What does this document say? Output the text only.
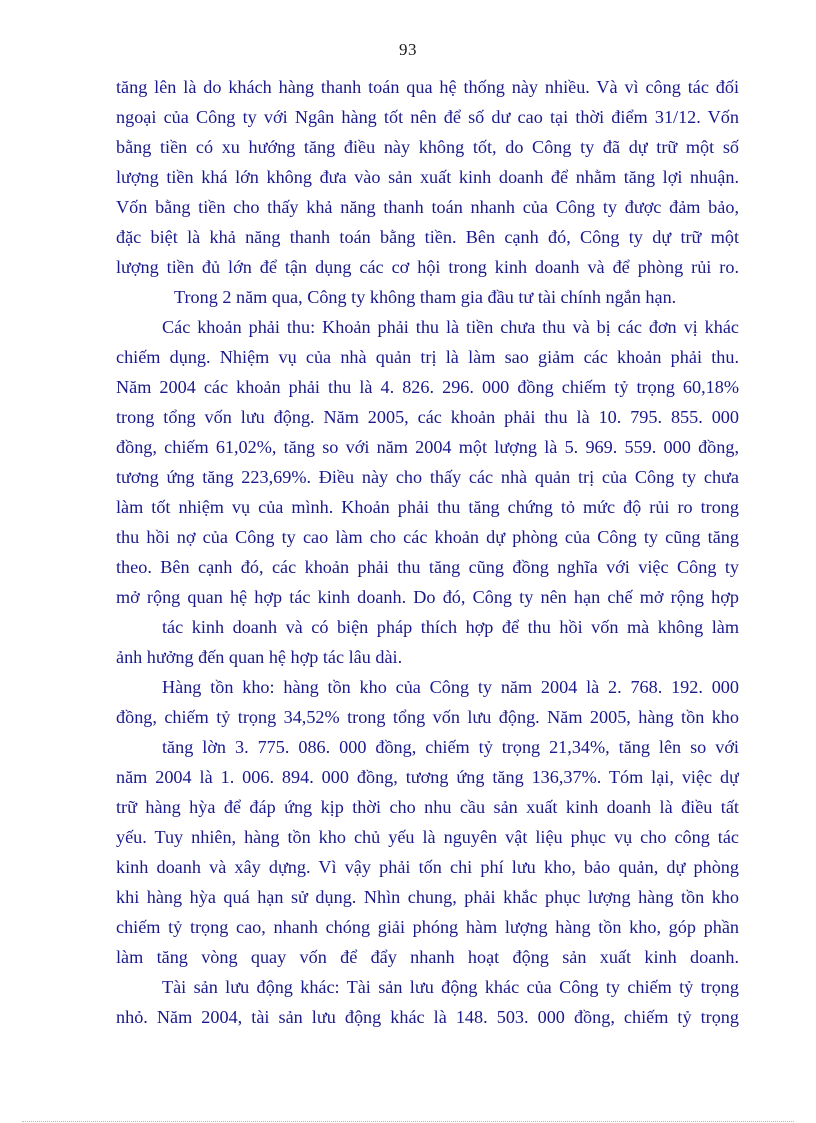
93
tăng lên là do khách hàng thanh toán qua hệ thống này nhiều. Và vì công tác đối
ngoại của Công ty với Ngân hàng tốt nên để số dư cao tại thời điểm 31/12. Vốn
bằng tiền có xu hướng tăng điều này không tốt, do Công ty đã dự trữ một số
lượng tiền khá lớn không đưa vào sản xuất kinh doanh để nhằm tăng lợi nhuận.
Vốn bằng tiền cho thấy khả năng thanh toán nhanh của Công ty được đảm bảo,
đặc biệt là khả năng thanh toán bằng tiền. Bên cạnh đó, Công ty dự trữ một
lượng tiền đủ lớn để tận dụng các cơ hội trong kinh doanh và để phòng rủi ro.
Trong 2 năm qua, Công ty không tham gia đầu tư tài chính ngắn hạn.
Các khoản phải thu: Khoản phải thu là tiền chưa thu và bị các đơn vị khác
chiếm dụng. Nhiệm vụ của nhà quản trị là làm sao giảm các khoản phải thu.
Năm 2004 các khoản phải thu là 4. 826. 296. 000 đồng chiếm tỷ trọng 60,18%
trong tổng vốn lưu động. Năm 2005, các khoản phải thu là 10. 795. 855. 000
đồng, chiếm 61,02%, tăng so với năm 2004 một lượng là 5. 969. 559. 000 đồng,
tương ứng tăng 223,69%. Điều này cho thấy các nhà quản trị của Công ty chưa
làm tốt nhiệm vụ của mình. Khoản phải thu tăng chứng tỏ mức độ rủi ro trong
thu hồi nợ của Công ty cao làm cho các khoản dự phòng của Công ty cũng tăng
theo. Bên cạnh đó, các khoản phải thu tăng cũng đồng nghĩa với việc Công ty
mở rộng quan hệ hợp tác kinh doanh. Do đó, Công ty nên hạn chế mở rộng hợp
tác kinh doanh và có biện pháp thích hợp để thu hồi vốn mà không làm
ảnh hưởng đến quan hệ hợp tác lâu dài.
Hàng tồn kho: hàng tồn kho của Công ty năm 2004 là 2. 768. 192. 000
đồng, chiếm tỷ trọng 34,52% trong tổng vốn lưu động. Năm 2005, hàng tồn kho
tăng lờn 3. 775. 086. 000 đồng, chiếm tỷ trọng 21,34%, tăng lên so với
năm 2004 là 1. 006. 894. 000 đồng, tương ứng tăng 136,37%. Tóm lại, việc dự
trữ hàng hỳa để đáp ứng kịp thời cho nhu cầu sản xuất kinh doanh là điều tất
yếu. Tuy nhiên, hàng tồn kho chủ yếu là nguyên vật liệu phục vụ cho công tác
kinh doanh và xây dựng. Vì vậy phải tốn chi phí lưu kho, bảo quản, dự phòng
khi hàng hỳa quá hạn sử dụng. Nhìn chung, phải khắc phục lượng hàng tồn kho
chiếm tỷ trọng cao, nhanh chóng giải phóng hàm lượng hàng tồn kho, góp phần
làm tăng vòng quay vốn để đẩy nhanh hoạt động sản xuất kinh doanh.
Tài sản lưu động khác: Tài sản lưu động khác của Công ty chiếm tỷ trọng
nhỏ. Năm 2004, tài sản lưu động khác là 148. 503. 000 đồng, chiếm tỷ trọng
